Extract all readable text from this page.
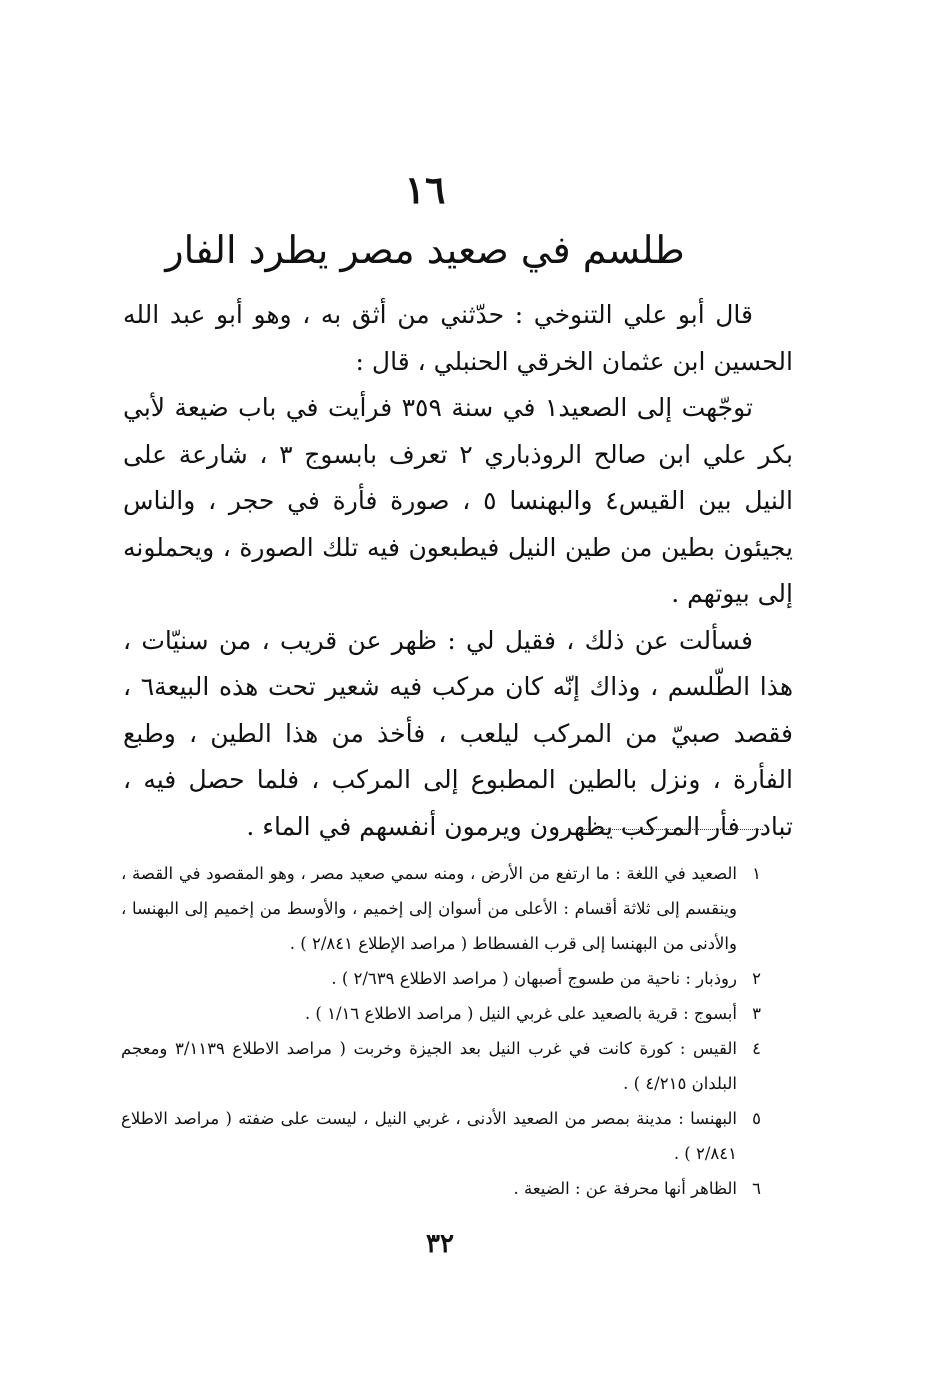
١٦
طلسم في صعيد مصر يطرد الفار

قال أبو علي التنوخي : حدّثني من أثق به ، وهو أبو عبد الله الحسين ابن عثمان الخرقي الحنبلي ، قال :

توجّهت إلى الصعيد١ في سنة ٣٥٩ فرأيت في باب ضيعة لأبي بكر علي ابن صالح الروذباري ٢ تعرف بابسوج ٣ ، شارعة على النيل بين القيس٤ والبهنسا ٥ ، صورة فأرة في حجر ، والناس يجيئون بطين من طين النيل فيطبعون فيه تلك الصورة ، ويحملونه إلى بيوتهم .

فسألت عن ذلك ، فقيل لي : ظهر عن قريب ، من سنيّات ، هذا الطّلسم ، وذاك إنّه كان مركب فيه شعير تحت هذه البيعة٦ ، فقصد صبيّ من المركب ليلعب ، فأخذ من هذا الطين ، وطبع الفأرة ، ونزل بالطين المطبوع إلى المركب ، فلما حصل فيه ، تبادر فأر المركب يظهرون ويرمون أنفسهم في الماء .

١
الصعيد في اللغة : ما ارتفع من الأرض ، ومنه سمي صعيد مصر ، وهو المقصود في القصة ، وينقسم إلى ثلاثة أقسام : الأعلى من أسوان إلى إخميم ، والأوسط من إخميم إلى البهنسا ، والأدنى من البهنسا إلى قرب الفسطاط ( مراصد الإطلاع ٢/٨٤١ ) .
٢
روذبار : ناحية من طسوج أصبهان ( مراصد الاطلاع ٢/٦٣٩ ) .
٣
أبسوج : قرية بالصعيد على غربي النيل ( مراصد الاطلاع ١/١٦ ) .
٤
القيس : كورة كانت في غرب النيل بعد الجيزة وخربت ( مراصد الاطلاع ٣/١١٣٩ ومعجم البلدان ٤/٢١٥ ) .
٥
البهنسا : مدينة بمصر من الصعيد الأدنى ، غربي النيل ، ليست على ضفته ( مراصد الاطلاع ٢/٨٤١ ) .
٦
الظاهر أنها محرفة عن : الضيعة .
٣٢
